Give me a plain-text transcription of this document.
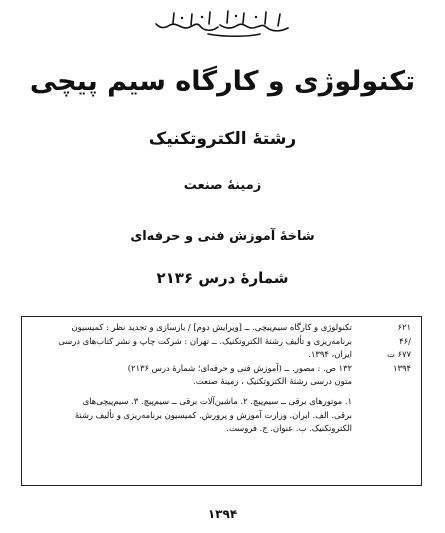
تکنولوژی و کارگاه سیم پیچی
رشتۀ الکتروتکنیک
زمینۀ صنعت
شاخۀ آموزش فنی و حرفه‌ای
شمارۀ درس ۲۱۳۶
۶۲۱
/۴۶
۶۷۷ ت
۱۳۹۴

تکنولوژی و کارگاه سیم‌پیچی. ــ [ویرایش دوم] / بازسازی و تجدید نظر : کمیسیون

برنامه‌ریزی و تألیف رشتۀ الکتروتکنیک. ــ تهران : شرکت چاپ و نشر کتاب‌های درسی

ایران، ۱۳۹۴.

۱۳۲ ص. : مصور. ــ (آموزش فنی و حرفه‌ای؛ شمارۀ درس ۲۱۳۶)

متون درسی رشتۀ الکتروتکنیک ، زمینۀ صنعت.

۱. موتورهای برقی ــ سیم‌پیچ. ۲. ماشین‌آلات برقی ــ سیم‌پیچ. ۳. سیم‌پیچی‌های

برقی. الف. ایران. وزارت آموزش و پرورش. کمیسیون برنامه‌ریزی و تألیف رشتۀ

الکتروتکنیک. ب. عنوان. ج. فروست.

۱۳۹۴
